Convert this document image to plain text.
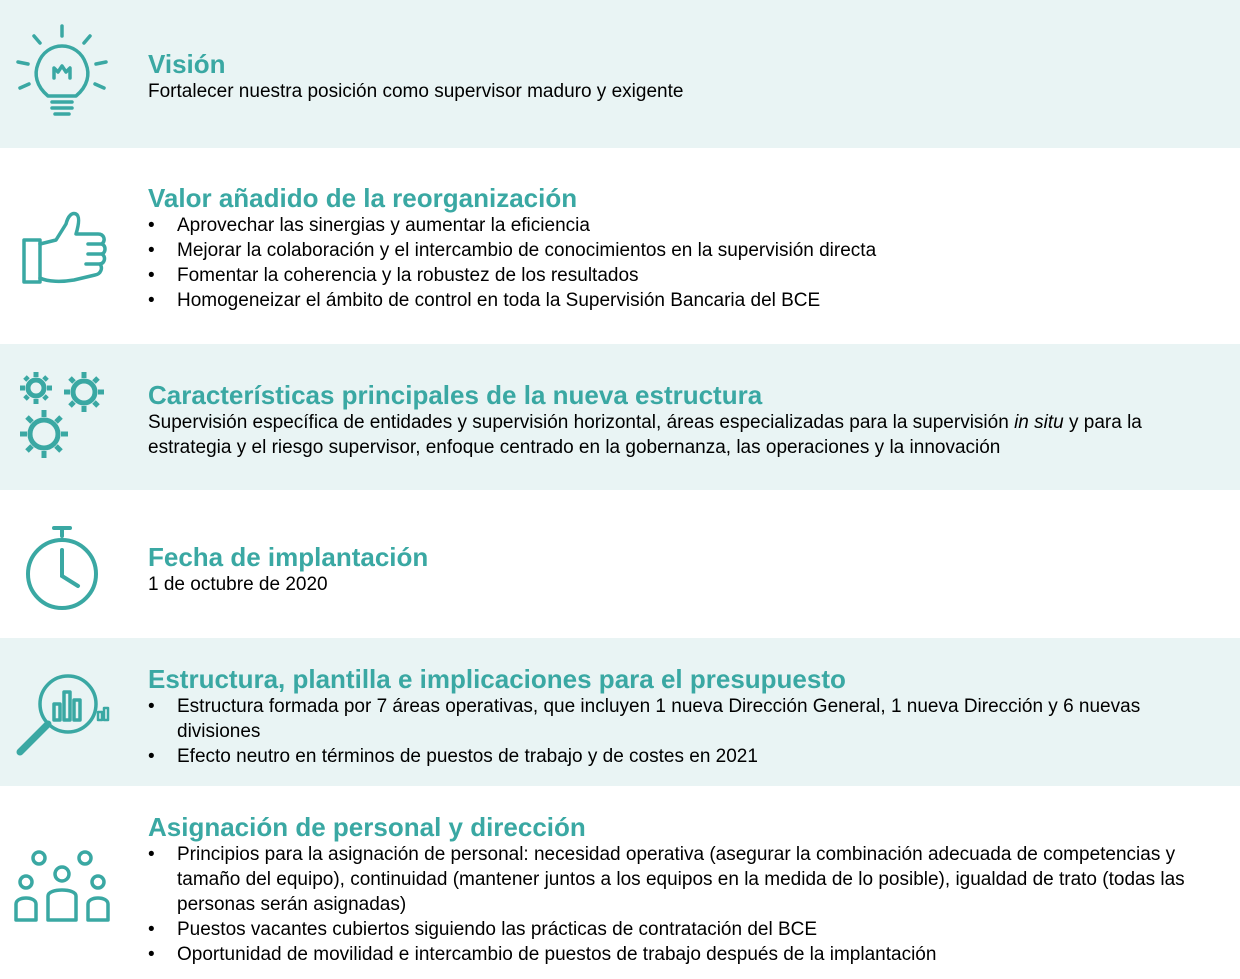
Visión

Fortalecer nuestra posición como supervisor maduro y exigente

Valor añadido de la reorganización

• Aprovechar las sinergias y aumentar la eficiencia
• Mejorar la colaboración y el intercambio de conocimientos en la supervisión directa
• Fomentar la coherencia y la robustez de los resultados
• Homogeneizar el ámbito de control en toda la Supervisión Bancaria del BCE

Características principales de la nueva estructura

Supervisión específica de entidades y supervisión horizontal, áreas especializadas para la supervisión in situ y para la estrategia y el riesgo supervisor, enfoque centrado en la gobernanza, las operaciones y la innovación

Fecha de implantación

1 de octubre de 2020

Estructura, plantilla e implicaciones para el presupuesto

• Estructura formada por 7 áreas operativas, que incluyen 1 nueva Dirección General, 1 nueva Dirección y 6 nuevas divisiones
• Efecto neutro en términos de puestos de trabajo y de costes en 2021

Asignación de personal y dirección

• Principios para la asignación de personal: necesidad operativa (asegurar la combinación adecuada de competencias y tamaño del equipo), continuidad (mantener juntos a los equipos en la medida de lo posible), igualdad de trato (todas las personas serán asignadas)
• Puestos vacantes cubiertos siguiendo las prácticas de contratación del BCE
• Oportunidad de movilidad e intercambio de puestos de trabajo después de la implantación
